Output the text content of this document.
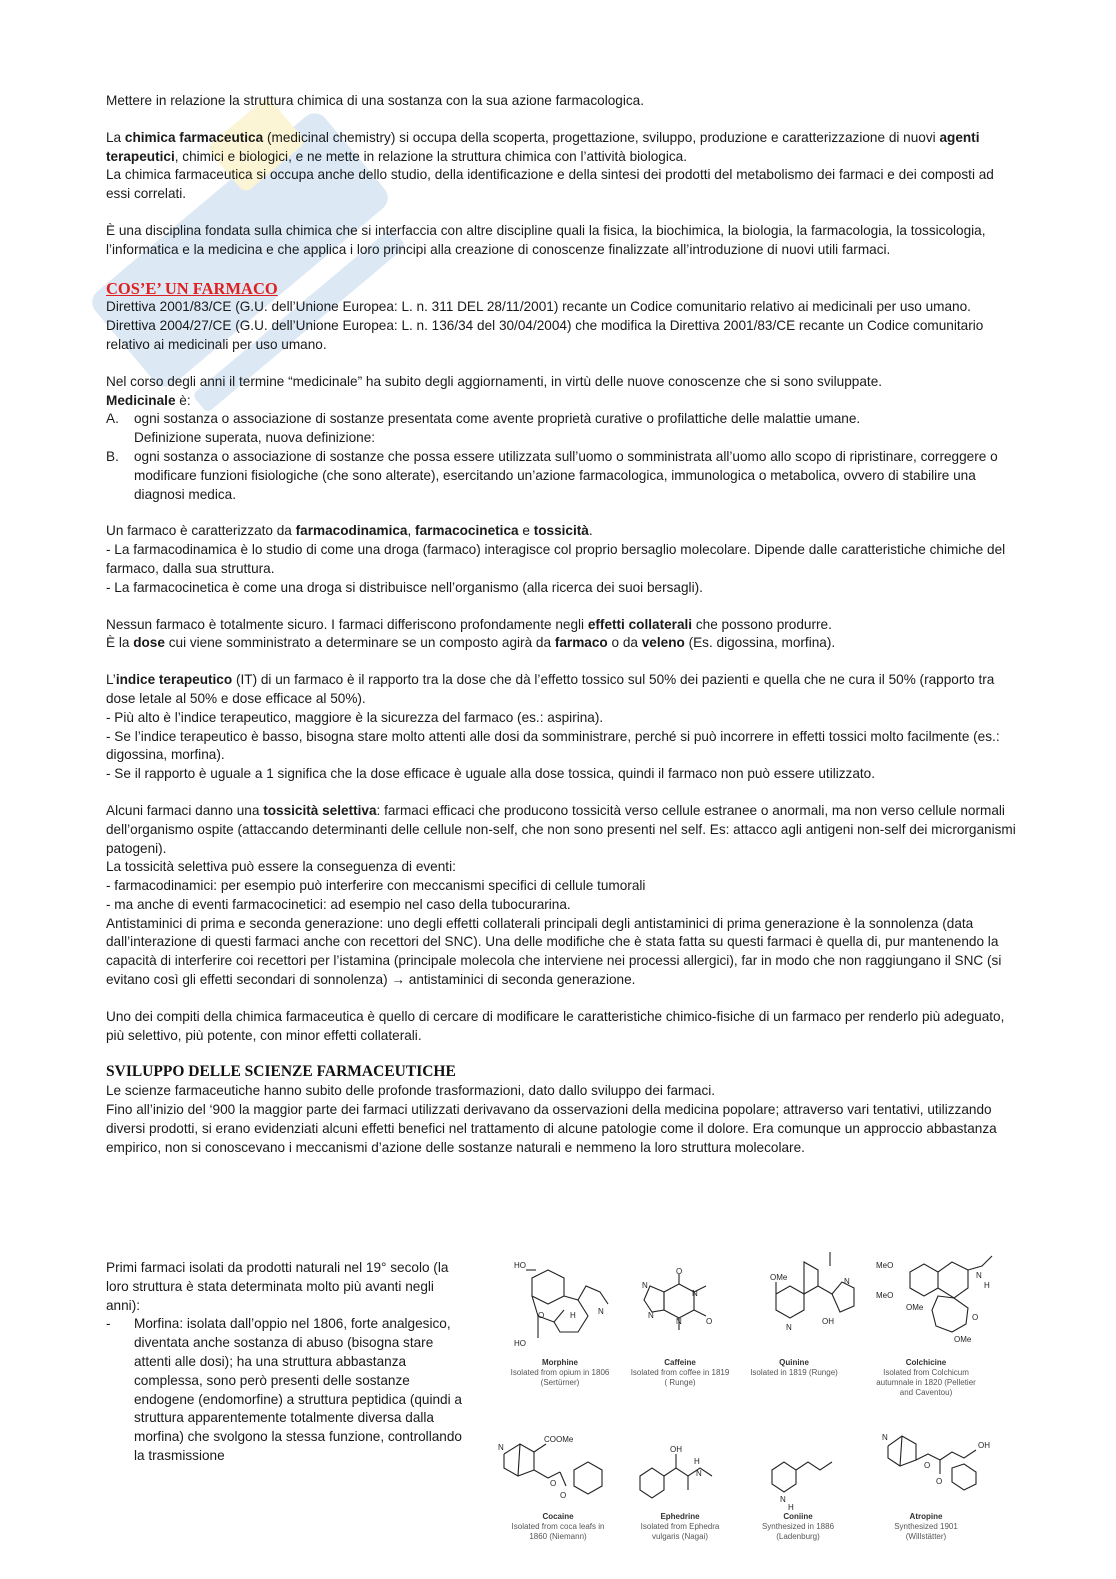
Mettere in relazione la struttura chimica di una sostanza con la sua azione farmacologica.

La chimica farmaceutica (medicinal chemistry) si occupa della scoperta, progettazione, sviluppo, produzione e caratterizzazione di nuovi agenti terapeutici, chimici e biologici, e ne mette in relazione la struttura chimica con l’attività biologica.

La chimica farmaceutica si occupa anche dello studio, della identificazione e della sintesi dei prodotti del metabolismo dei farmaci e dei composti ad essi correlati.

È una disciplina fondata sulla chimica che si interfaccia con altre discipline quali la fisica, la biochimica, la biologia, la farmacologia, la tossicologia, l’informatica e la medicina e che applica i loro principi alla creazione di conoscenze finalizzate all’introduzione di nuovi utili farmaci.

COS’E’ UN FARMACO

Direttiva 2001/83/CE (G.U. dell’Unione Europea: L. n. 311 DEL 28/11/2001) recante un Codice comunitario relativo ai medicinali per uso umano.

Direttiva 2004/27/CE (G.U. dell’Unione Europea: L. n. 136/34 del 30/04/2004) che modifica la Direttiva 2001/83/CE recante un Codice comunitario relativo ai medicinali per uso umano.

Nel corso degli anni il termine “medicinale” ha subito degli aggiornamenti, in virtù delle nuove conoscenze che si sono sviluppate.

Medicinale è:

A.	ogni sostanza o associazione di sostanze presentata come avente proprietà curative o profilattiche delle malattie umane. Definizione superata, nuova definizione:
B.	ogni sostanza o associazione di sostanze che possa essere utilizzata sull’uomo o somministrata all’uomo allo scopo di ripristinare, correggere o modificare funzioni fisiologiche (che sono alterate), esercitando un’azione farmacologica, immunologica o metabolica, ovvero di stabilire una diagnosi medica.

Un farmaco è caratterizzato da farmacodinamica, farmacocinetica e tossicità.

- La farmacodinamica è lo studio di come una droga (farmaco) interagisce col proprio bersaglio molecolare. Dipende dalle caratteristiche chimiche del farmaco, dalla sua struttura.

- La farmacocinetica è come una droga si distribuisce nell’organismo (alla ricerca dei suoi bersagli).

Nessun farmaco è totalmente sicuro. I farmaci differiscono profondamente negli effetti collaterali che possono produrre.

È la dose cui viene somministrato a determinare se un composto agirà da farmaco o da veleno (Es. digossina, morfina).

L’indice terapeutico (IT) di un farmaco è il rapporto tra la dose che dà l’effetto tossico sul 50% dei pazienti e quella che ne cura il 50% (rapporto tra dose letale al 50% e dose efficace al 50%).

- Più alto è l’indice terapeutico, maggiore è la sicurezza del farmaco (es.: aspirina).

- Se l’indice terapeutico è basso, bisogna stare molto attenti alle dosi da somministrare, perché si può incorrere in effetti tossici molto facilmente (es.: digossina, morfina).

- Se il rapporto è uguale a 1 significa che la dose efficace è uguale alla dose tossica, quindi il farmaco non può essere utilizzato.

Alcuni farmaci danno una tossicità selettiva: farmaci efficaci che producono tossicità verso cellule estranee o anormali, ma non verso cellule normali dell’organismo ospite (attaccando determinanti delle cellule non-self, che non sono presenti nel self. Es: attacco agli antigeni non-self dei microrganismi patogeni).

La tossicità selettiva può essere la conseguenza di eventi:

- farmacodinamici: per esempio può interferire con meccanismi specifici di cellule tumorali

- ma anche di eventi farmacocinetici: ad esempio nel caso della tubocurarina.

Antistaminici di prima e seconda generazione: uno degli effetti collaterali principali degli antistaminici di prima generazione è la sonnolenza (data dall’interazione di questi farmaci anche con recettori del SNC). Una delle modifiche che è stata fatta su questi farmaci è quella di, pur mantenendo la capacità di interferire coi recettori per l’istamina (principale molecola che interviene nei processi allergici), far in modo che non raggiungano il SNC (si evitano così gli effetti secondari di sonnolenza) → antistaminici di seconda generazione.

Uno dei compiti della chimica farmaceutica è quello di cercare di modificare le caratteristiche chimico-fisiche di un farmaco per renderlo più adeguato, più selettivo, più potente, con minor effetti collaterali.

SVILUPPO DELLE SCIENZE FARMACEUTICHE

Le scienze farmaceutiche hanno subito delle profonde trasformazioni, dato dallo sviluppo dei farmaci.

Fino all’inizio del ‘900 la maggior parte dei farmaci utilizzati derivavano da osservazioni della medicina popolare; attraverso vari tentativi, utilizzando diversi prodotti, si erano evidenziati alcuni effetti benefici nel trattamento di alcune patologie come il dolore. Era comunque un approccio abbastanza empirico, non si conoscevano i meccanismi d’azione delle sostanze naturali e nemmeno la loro struttura molecolare.

Primi farmaci isolati da prodotti naturali nel 19° secolo (la loro struttura è stata determinata molto più avanti negli anni):

-	Morfina: isolata dall’oppio nel 1806, forte analgesico, diventata anche sostanza di abuso (bisogna stare attenti alle dosi); ha una struttura abbastanza complessa, sono però presenti delle sostanze endogene (endomorfine) a struttura peptidica (quindi a struttura apparentemente totalmente diversa dalla morfina) che svolgono la stessa funzione, controllando la trasmissione
HO
O	H	N
HO
O
N
N
N
N
O
OMe
N
OH
N
MeO
MeO
OMe
O
OMe
N
H
Morphine
Isolated from opium in 1806
(Sertürner)
Caffeine
Isolated from coffee in 1819
( Runge)
Quinine
Isolated in 1819 (Runge)

Colchicine
Isolated from Colchicum
autumnale in 1820 (Pelletier
and Caventou)
N
COOMe
O
O
OH
H
N
N
H
N
O
O
OH
Cocaine
Isolated from coca leafs in
1860 (Niemann)
Ephedrine
Isolated from Ephedra
vulgaris (Nagai)
Coniine
Synthesized in 1886
(Ladenburg)
Atropine
Synthesized 1901
(Willstätter)
